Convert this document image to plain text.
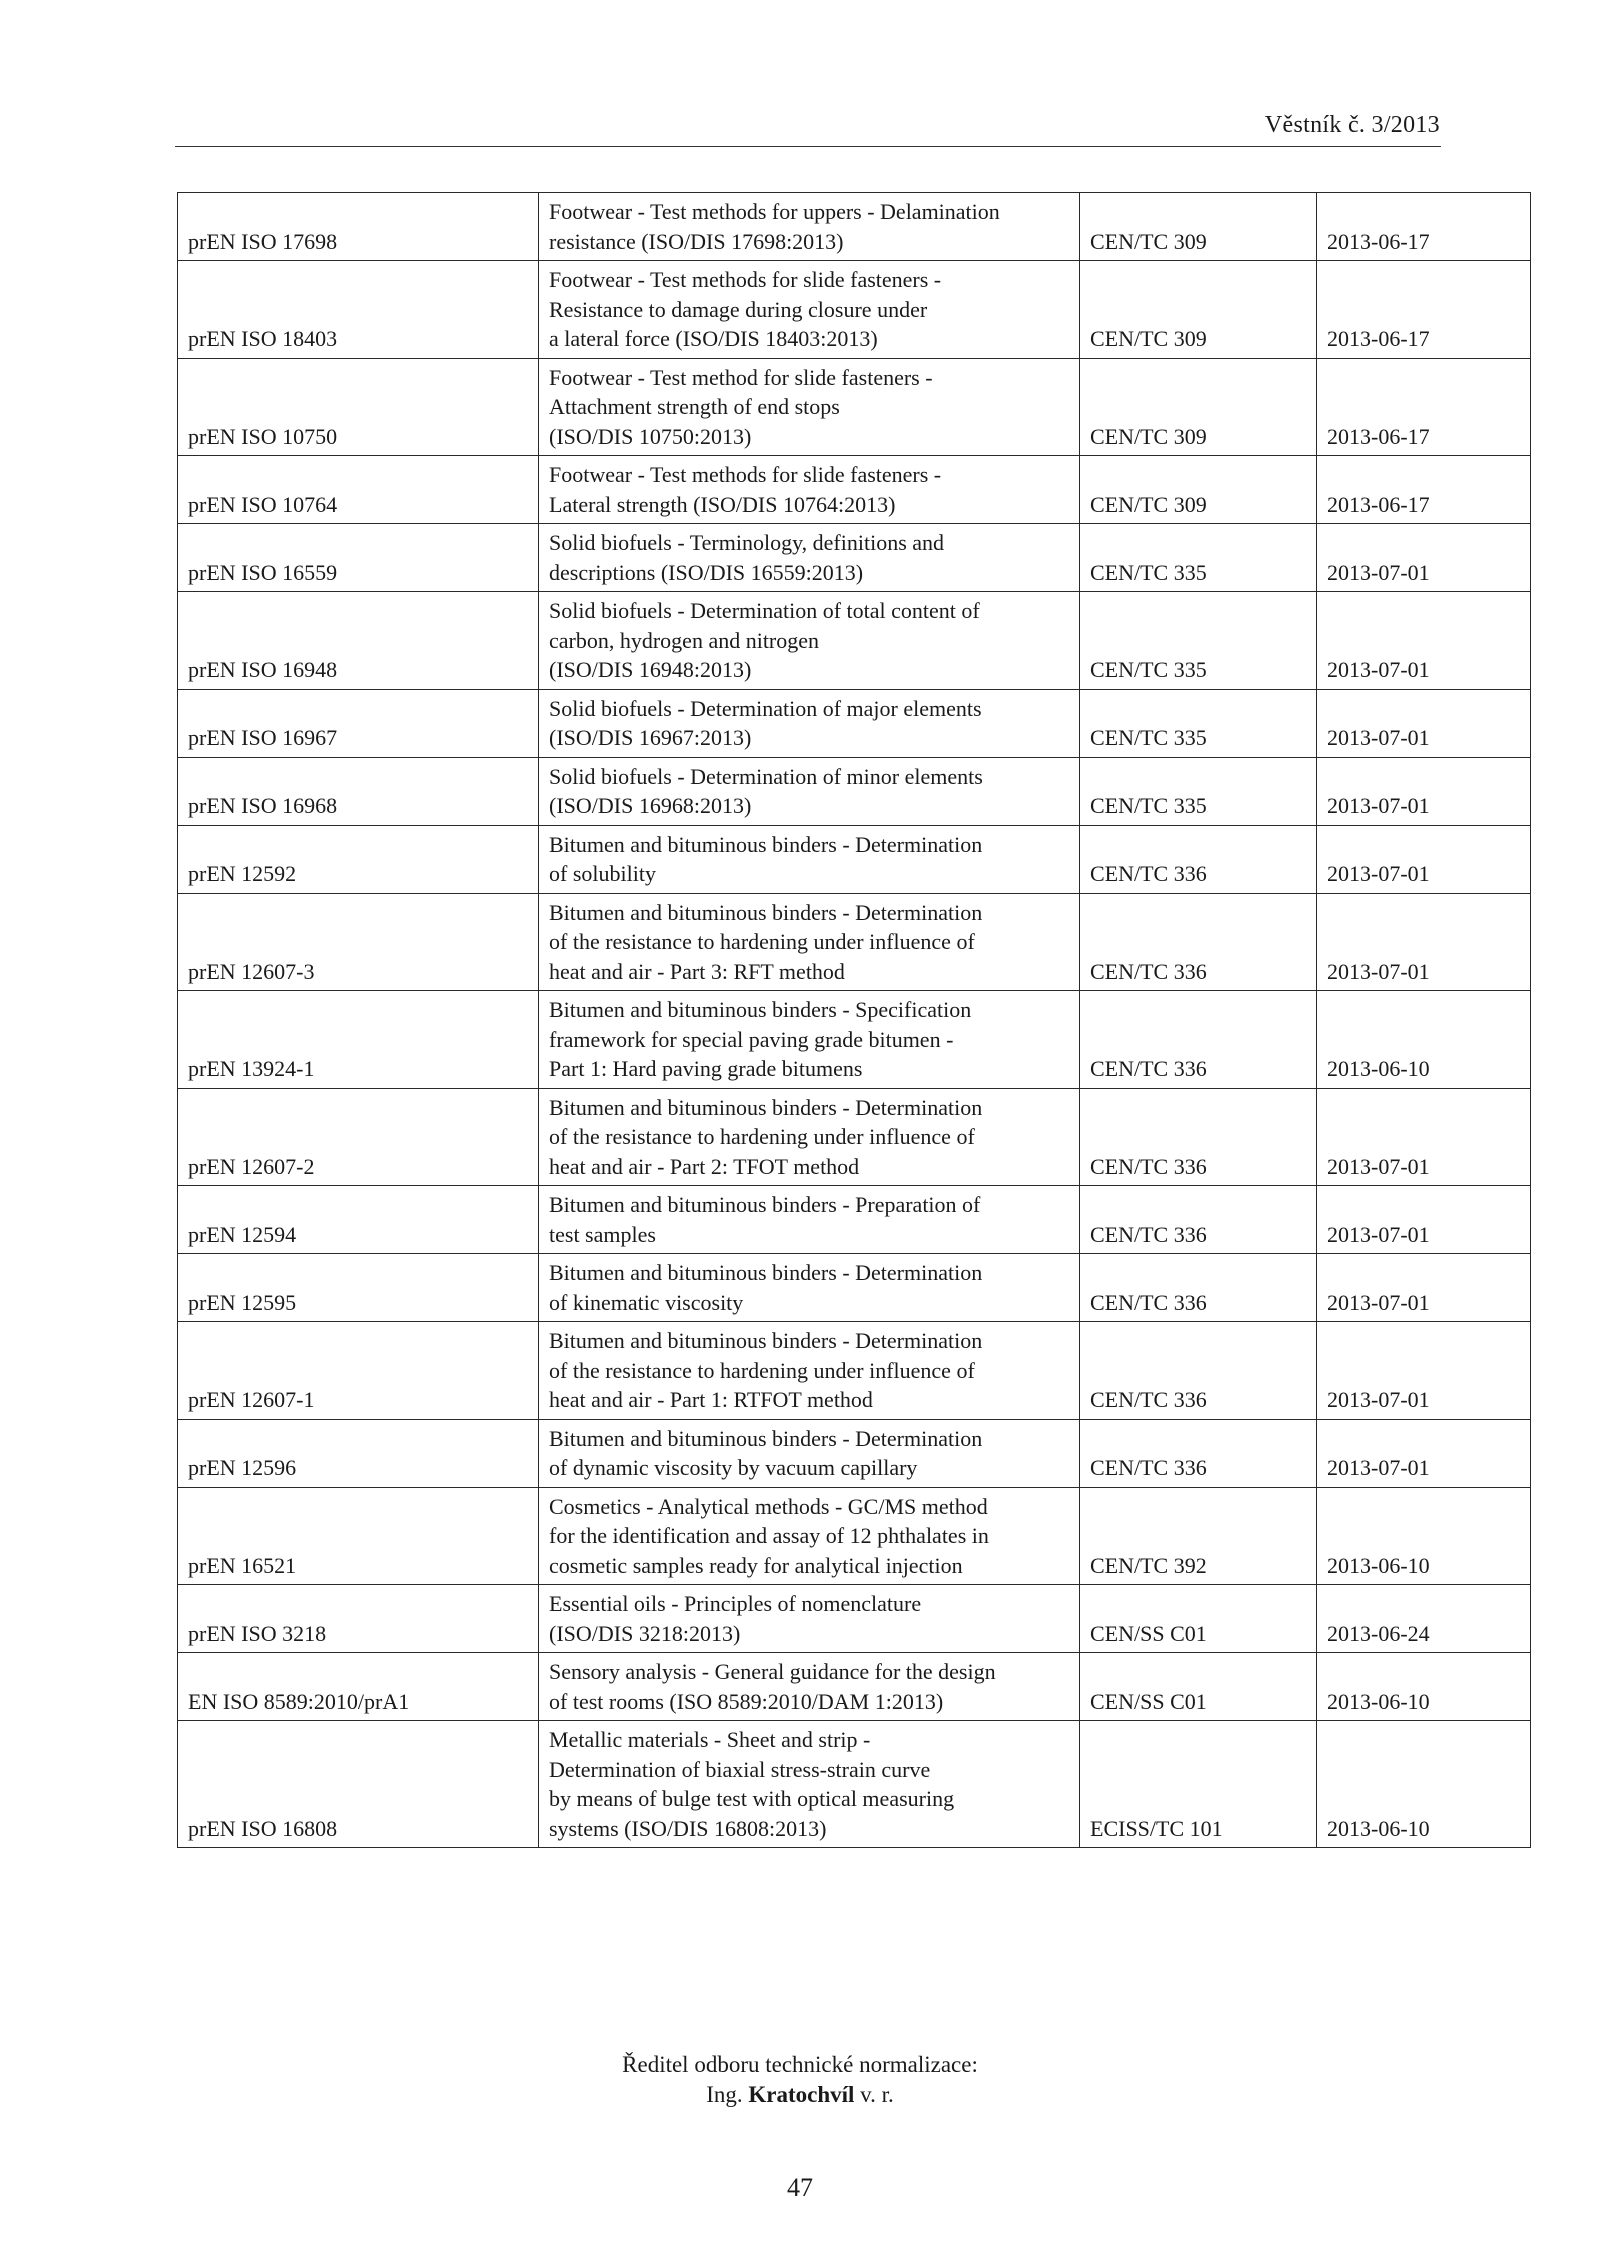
Věstník č. 3/2013
prEN ISO 17698	Footwear - Test methods for uppers - Delamination
resistance (ISO/DIS 17698:2013)	CEN/TC 309	2013-06-17
prEN ISO 18403	Footwear - Test methods for slide fasteners -
Resistance to damage during closure under
a lateral force (ISO/DIS 18403:2013)	CEN/TC 309	2013-06-17
prEN ISO 10750	Footwear - Test method for slide fasteners -
Attachment strength of end stops
(ISO/DIS 10750:2013)	CEN/TC 309	2013-06-17
prEN ISO 10764	Footwear - Test methods for slide fasteners -
Lateral strength (ISO/DIS 10764:2013)	CEN/TC 309	2013-06-17
prEN ISO 16559	Solid biofuels - Terminology, definitions and
descriptions (ISO/DIS 16559:2013)	CEN/TC 335	2013-07-01
prEN ISO 16948	Solid biofuels - Determination of total content of
carbon, hydrogen and nitrogen
(ISO/DIS 16948:2013)	CEN/TC 335	2013-07-01
prEN ISO 16967	Solid biofuels - Determination of major elements
(ISO/DIS 16967:2013)	CEN/TC 335	2013-07-01
prEN ISO 16968	Solid biofuels - Determination of minor elements
(ISO/DIS 16968:2013)	CEN/TC 335	2013-07-01
prEN 12592	Bitumen and bituminous binders - Determination
of solubility	CEN/TC 336	2013-07-01
prEN 12607-3	Bitumen and bituminous binders - Determination
of the resistance to hardening under influence of
heat and air - Part 3: RFT method	CEN/TC 336	2013-07-01
prEN 13924-1	Bitumen and bituminous binders - Specification
framework for special paving grade bitumen -
Part 1: Hard paving grade bitumens	CEN/TC 336	2013-06-10
prEN 12607-2	Bitumen and bituminous binders - Determination
of the resistance to hardening under influence of
heat and air - Part 2: TFOT method	CEN/TC 336	2013-07-01
prEN 12594	Bitumen and bituminous binders - Preparation of
test samples	CEN/TC 336	2013-07-01
prEN 12595	Bitumen and bituminous binders - Determination
of kinematic viscosity	CEN/TC 336	2013-07-01
prEN 12607-1	Bitumen and bituminous binders - Determination
of the resistance to hardening under influence of
heat and air - Part 1: RTFOT method	CEN/TC 336	2013-07-01
prEN 12596	Bitumen and bituminous binders - Determination
of dynamic viscosity by vacuum capillary	CEN/TC 336	2013-07-01
prEN 16521	Cosmetics - Analytical methods - GC/MS method
for the identification and assay of 12 phthalates in
cosmetic samples ready for analytical injection	CEN/TC 392	2013-06-10
prEN ISO 3218	Essential oils - Principles of nomenclature
(ISO/DIS 3218:2013)	CEN/SS C01	2013-06-24
EN ISO 8589:2010/prA1	Sensory analysis - General guidance for the design
of test rooms (ISO 8589:2010/DAM 1:2013)	CEN/SS C01	2013-06-10
prEN ISO 16808	Metallic materials - Sheet and strip -
Determination of biaxial stress-strain curve
by means of bulge test with optical measuring
systems (ISO/DIS 16808:2013)	ECISS/TC 101	2013-06-10
Ředitel odboru technické normalizace:
Ing. Kratochvíl v. r.
47
